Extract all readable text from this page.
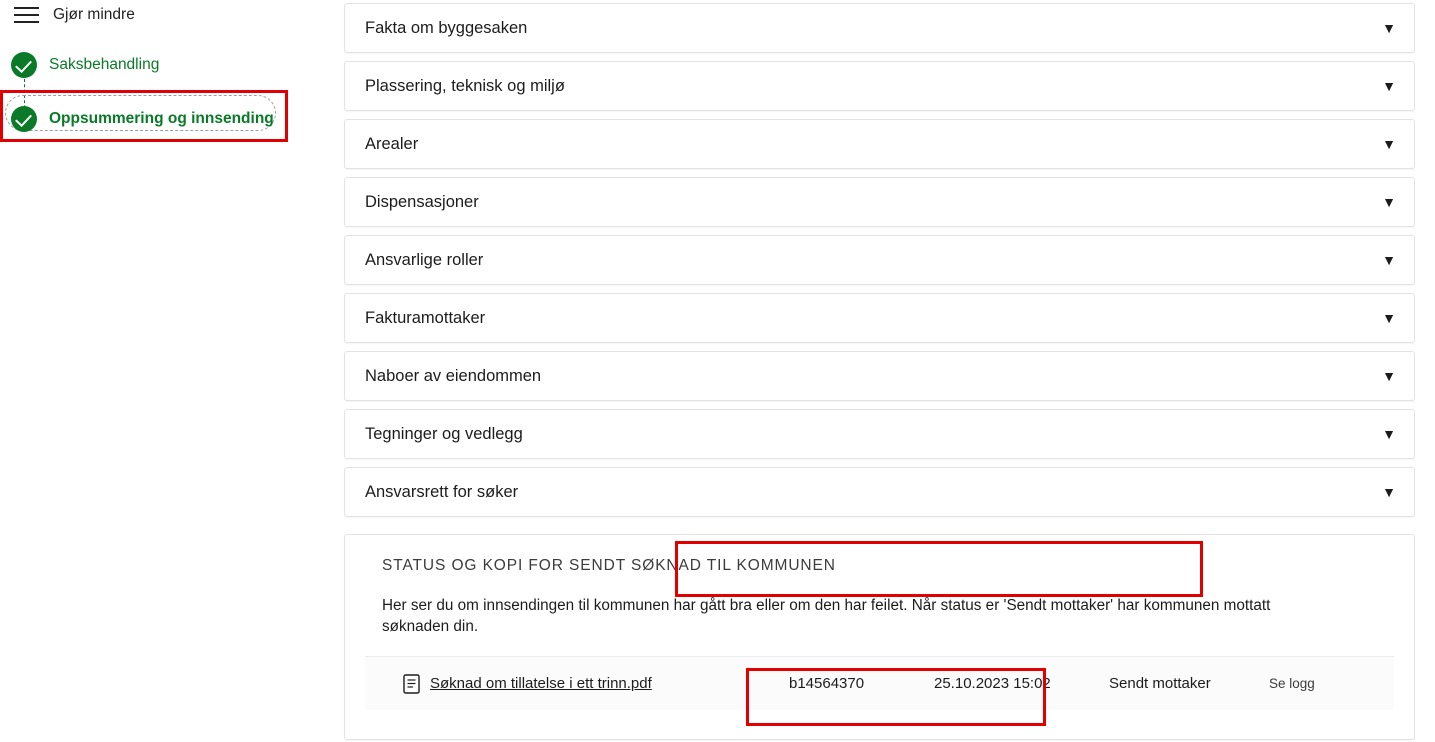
Gjør mindre
Saksbehandling
Oppsummering og innsending
Fakta om byggesaken	▼
Plassering, teknisk og miljø	▼
Arealer	▼
Dispensasjoner	▼
Ansvarlige roller	▼
Fakturamottaker	▼
Naboer av eiendommen	▼
Tegninger og vedlegg	▼
Ansvarsrett for søker	▼
STATUS OG KOPI FOR SENDT SØKNAD TIL KOMMUNEN
Her ser du om innsendingen til kommunen har gått bra eller om den har feilet. Når status er 'Sendt mottaker' har kommunen mottatt søknaden din.
Søknad om tillatelse i ett trinn.pdf	b14564370	25.10.2023 15:02	Sendt mottaker	Se logg
